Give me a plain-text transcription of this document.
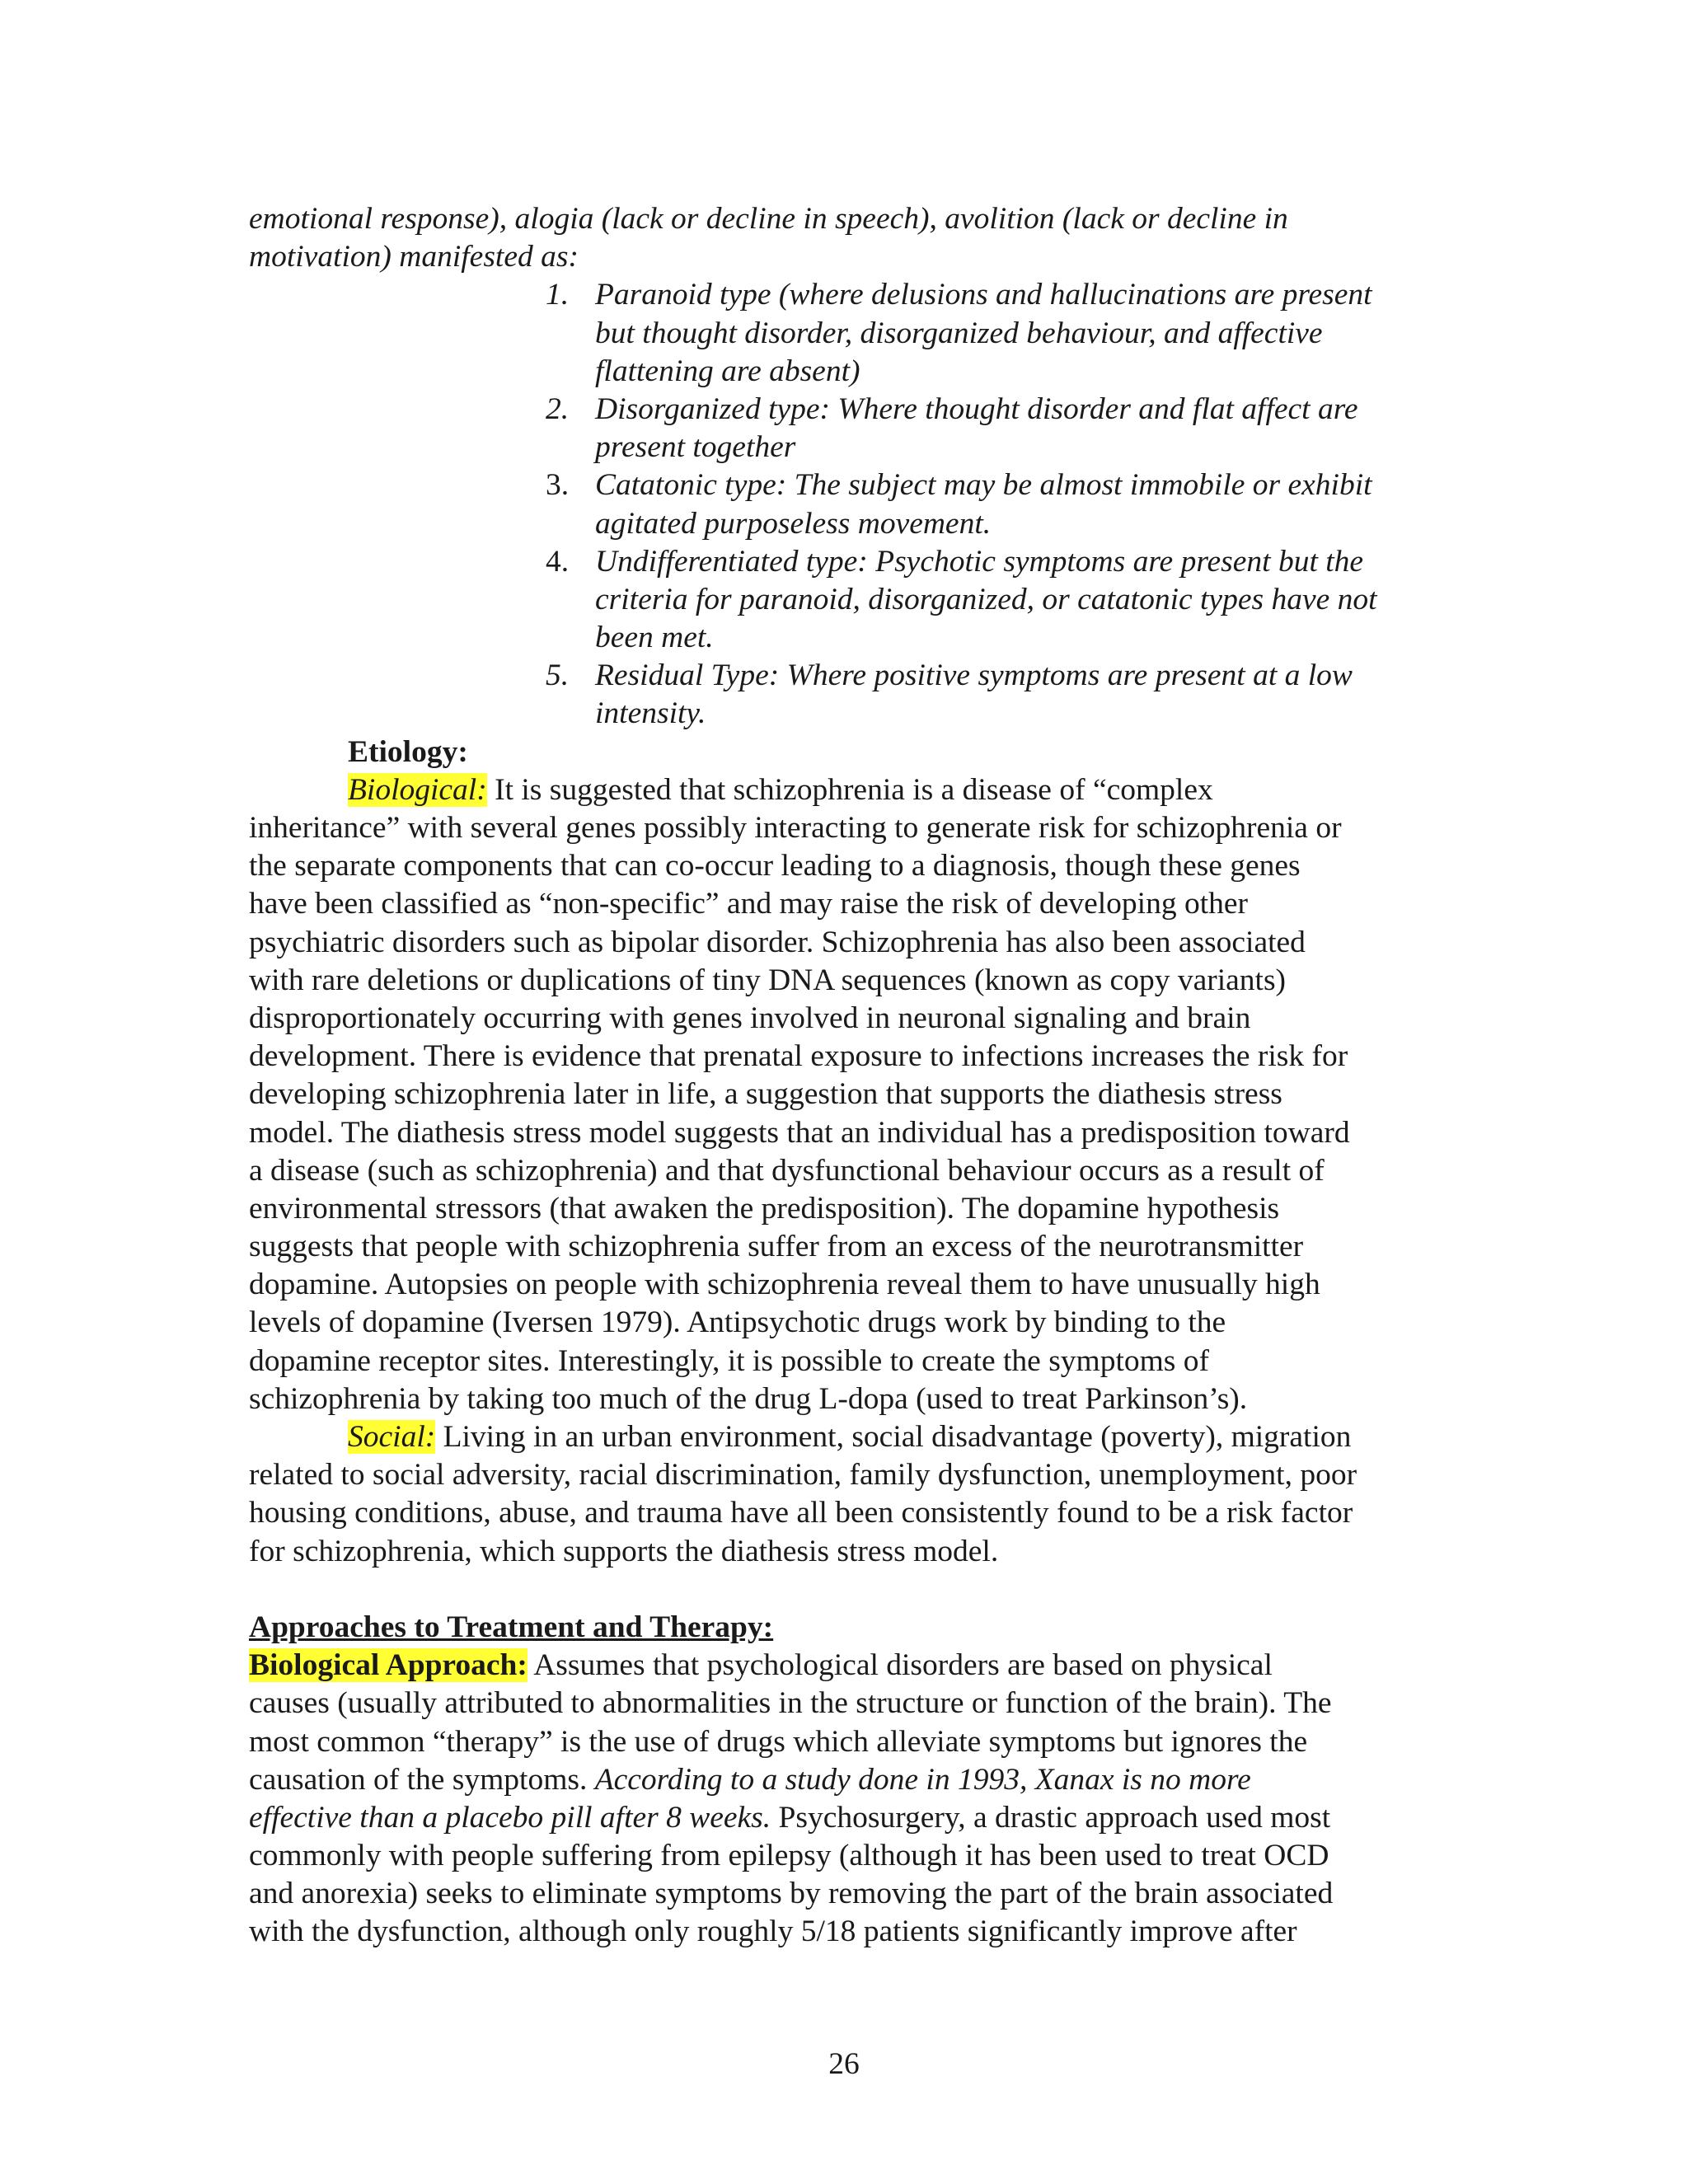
emotional response), alogia (lack or decline in speech), avolition (lack or decline in
motivation) manifested as:
1. Paranoid type (where delusions and hallucinations are present
but thought disorder, disorganized behaviour, and affective
flattening are absent)
2. Disorganized type: Where thought disorder and flat affect are
present together
3. Catatonic type: The subject may be almost immobile or exhibit
agitated purposeless movement.
4. Undifferentiated type: Psychotic symptoms are present but the
criteria for paranoid, disorganized, or catatonic types have not
been met.
5. Residual Type: Where positive symptoms are present at a low
intensity.
Etiology:
Biological: It is suggested that schizophrenia is a disease of “complex
inheritance” with several genes possibly interacting to generate risk for schizophrenia or
the separate components that can co-occur leading to a diagnosis, though these genes
have been classified as “non-specific” and may raise the risk of developing other
psychiatric disorders such as bipolar disorder. Schizophrenia has also been associated
with rare deletions or duplications of tiny DNA sequences (known as copy variants)
disproportionately occurring with genes involved in neuronal signaling and brain
development. There is evidence that prenatal exposure to infections increases the risk for
developing schizophrenia later in life, a suggestion that supports the diathesis stress
model. The diathesis stress model suggests that an individual has a predisposition toward
a disease (such as schizophrenia) and that dysfunctional behaviour occurs as a result of
environmental stressors (that awaken the predisposition). The dopamine hypothesis
suggests that people with schizophrenia suffer from an excess of the neurotransmitter
dopamine. Autopsies on people with schizophrenia reveal them to have unusually high
levels of dopamine (Iversen 1979). Antipsychotic drugs work by binding to the
dopamine receptor sites. Interestingly, it is possible to create the symptoms of
schizophrenia by taking too much of the drug L-dopa (used to treat Parkinson’s).
Social: Living in an urban environment, social disadvantage (poverty), migration
related to social adversity, racial discrimination, family dysfunction, unemployment, poor
housing conditions, abuse, and trauma have all been consistently found to be a risk factor
for schizophrenia, which supports the diathesis stress model.
Approaches to Treatment and Therapy:
Biological Approach: Assumes that psychological disorders are based on physical
causes (usually attributed to abnormalities in the structure or function of the brain). The
most common “therapy” is the use of drugs which alleviate symptoms but ignores the
causation of the symptoms. According to a study done in 1993, Xanax is no more
effective than a placebo pill after 8 weeks. Psychosurgery, a drastic approach used most
commonly with people suffering from epilepsy (although it has been used to treat OCD
and anorexia) seeks to eliminate symptoms by removing the part of the brain associated
with the dysfunction, although only roughly 5/18 patients significantly improve after
26
